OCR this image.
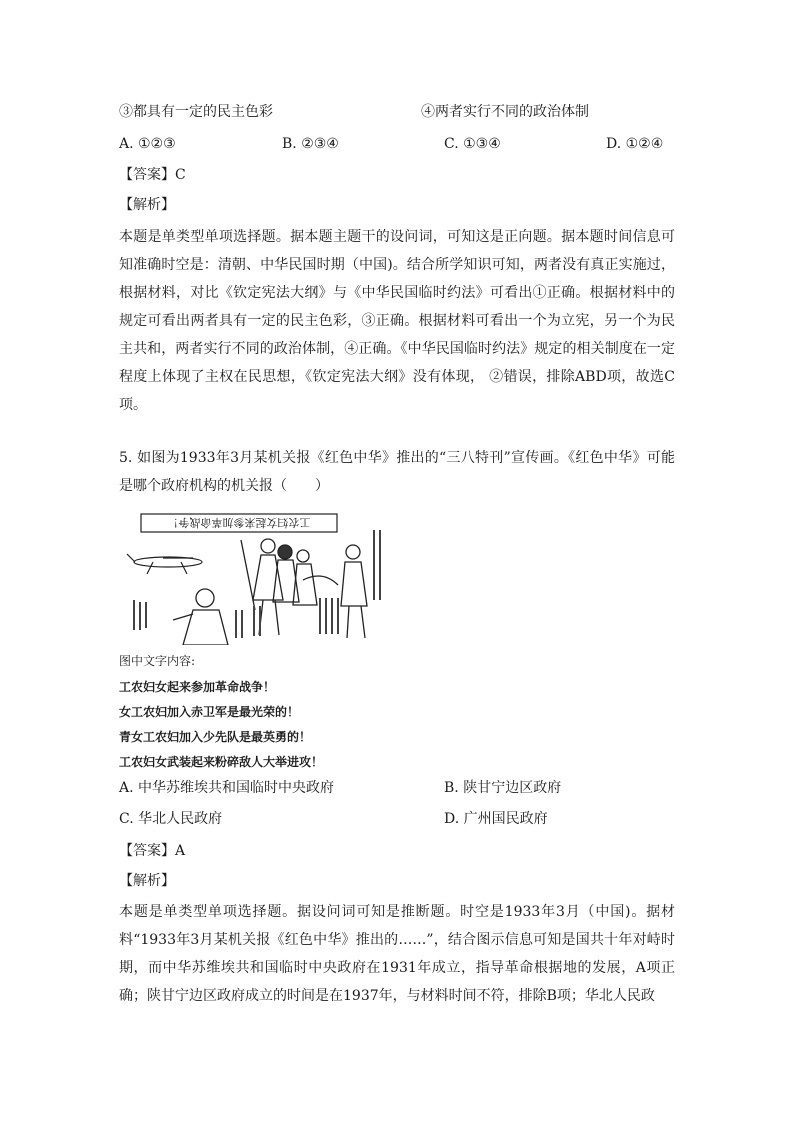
③都具有一定的民主色彩	④两者实行不同的政治体制
A. ①②③	B. ②③④	C. ①③④	D. ①②④
【答案】C
【解析】
本题是单类型单项选择题。据本题主题干的设问词，可知这是正向题。据本题时间信息可知准确时空是：清朝、中华民国时期（中国)。结合所学知识可知，两者没有真正实施过，根据材料，对比《钦定宪法大纲》与《中华民国临时约法》可看出①正确。根据材料中的规定可看出两者具有一定的民主色彩，③正确。根据材料可看出一个为立宪，另一个为民主共和，两者实行不同的政治体制，④正确。《中华民国临时约法》规定的相关制度在一定程度上体现了主权在民思想，《钦定宪法大纲》没有体现， ②错误，排除ABD项，故选C项。
5. 如图为1933年3月某机关报《红色中华》推出的“三八特刊”宣传画。《红色中华》可能是哪个政府机构的机关报（　　）
工农妇女起来参加革命战争！
图中文字内容:
工农妇女起来参加革命战争！
女工农妇加入赤卫军是最光荣的！
青女工农妇加入少先队是最英勇的！
工农妇女武装起来粉碎敌人大举进攻！
A. 中华苏维埃共和国临时中央政府	B. 陕甘宁边区政府
C. 华北人民政府	D. 广州国民政府
【答案】A
【解析】
本题是单类型单项选择题。据设问词可知是推断题。时空是1933年3月（中国)。据材料“1933年3月某机关报《红色中华》推出的……”，结合图示信息可知是国共十年对峙时期，而中华苏维埃共和国临时中央政府在1931年成立，指导革命根据地的发展，A项正确；陕甘宁边区政府成立的时间是在1937年，与材料时间不符，排除B项；华北人民政
